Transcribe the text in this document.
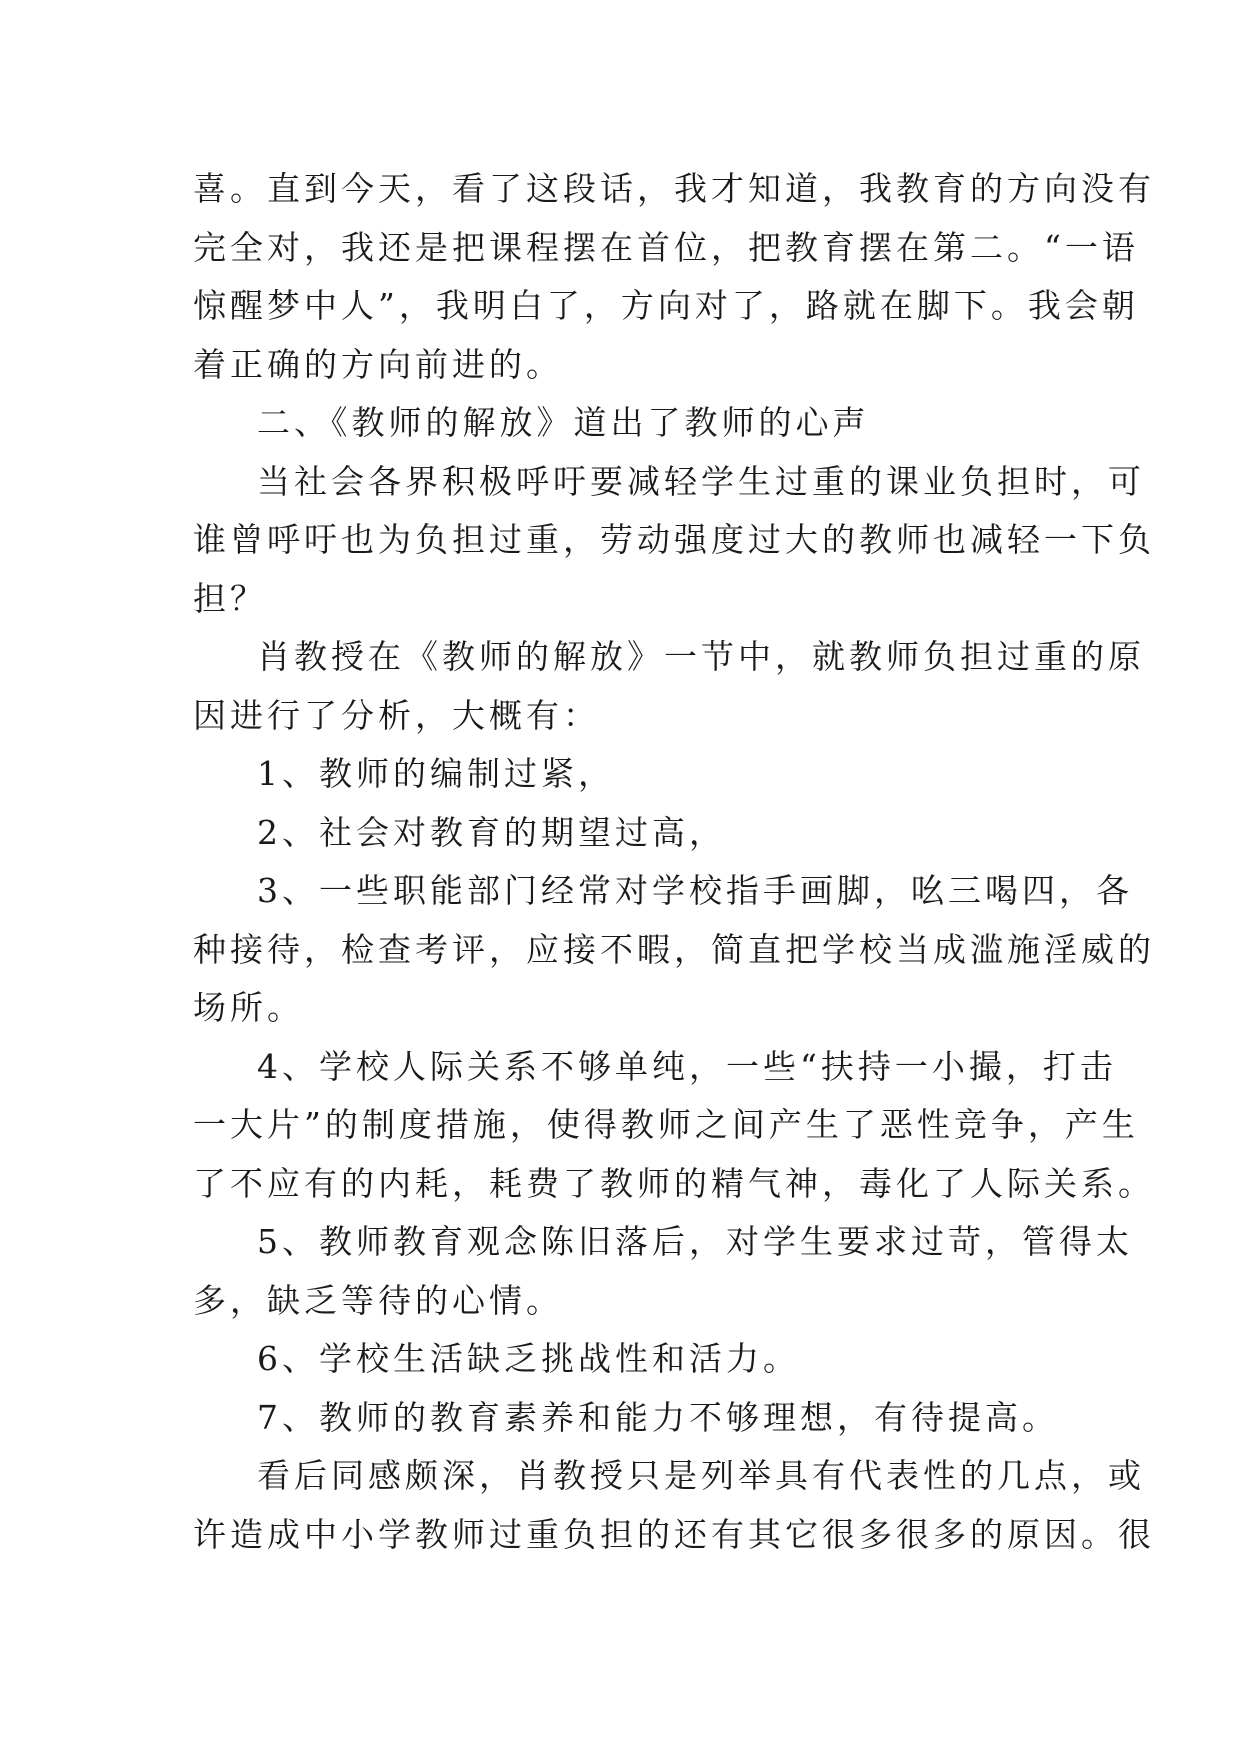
喜。直到今天，看了这段话，我才知道，我教育的方向没有
完全对，我还是把课程摆在首位，把教育摆在第二。“一语
惊醒梦中人”，我明白了，方向对了，路就在脚下。我会朝
着正确的方向前进的。
二、《教师的解放》道出了教师的心声
当社会各界积极呼吁要减轻学生过重的课业负担时，可
谁曾呼吁也为负担过重，劳动强度过大的教师也减轻一下负
担？
肖教授在《教师的解放》一节中，就教师负担过重的原
因进行了分析，大概有：
1、教师的编制过紧，
2、社会对教育的期望过高，
3、一些职能部门经常对学校指手画脚，吆三喝四，各
种接待，检查考评，应接不暇，简直把学校当成滥施淫威的
场所。
4、学校人际关系不够单纯，一些“扶持一小撮，打击
一大片”的制度措施，使得教师之间产生了恶性竞争，产生
了不应有的内耗，耗费了教师的精气神，毒化了人际关系。
5、教师教育观念陈旧落后，对学生要求过苛，管得太
多，缺乏等待的心情。
6、学校生活缺乏挑战性和活力。
7、教师的教育素养和能力不够理想，有待提高。
看后同感颇深，肖教授只是列举具有代表性的几点，或
许造成中小学教师过重负担的还有其它很多很多的原因。很
